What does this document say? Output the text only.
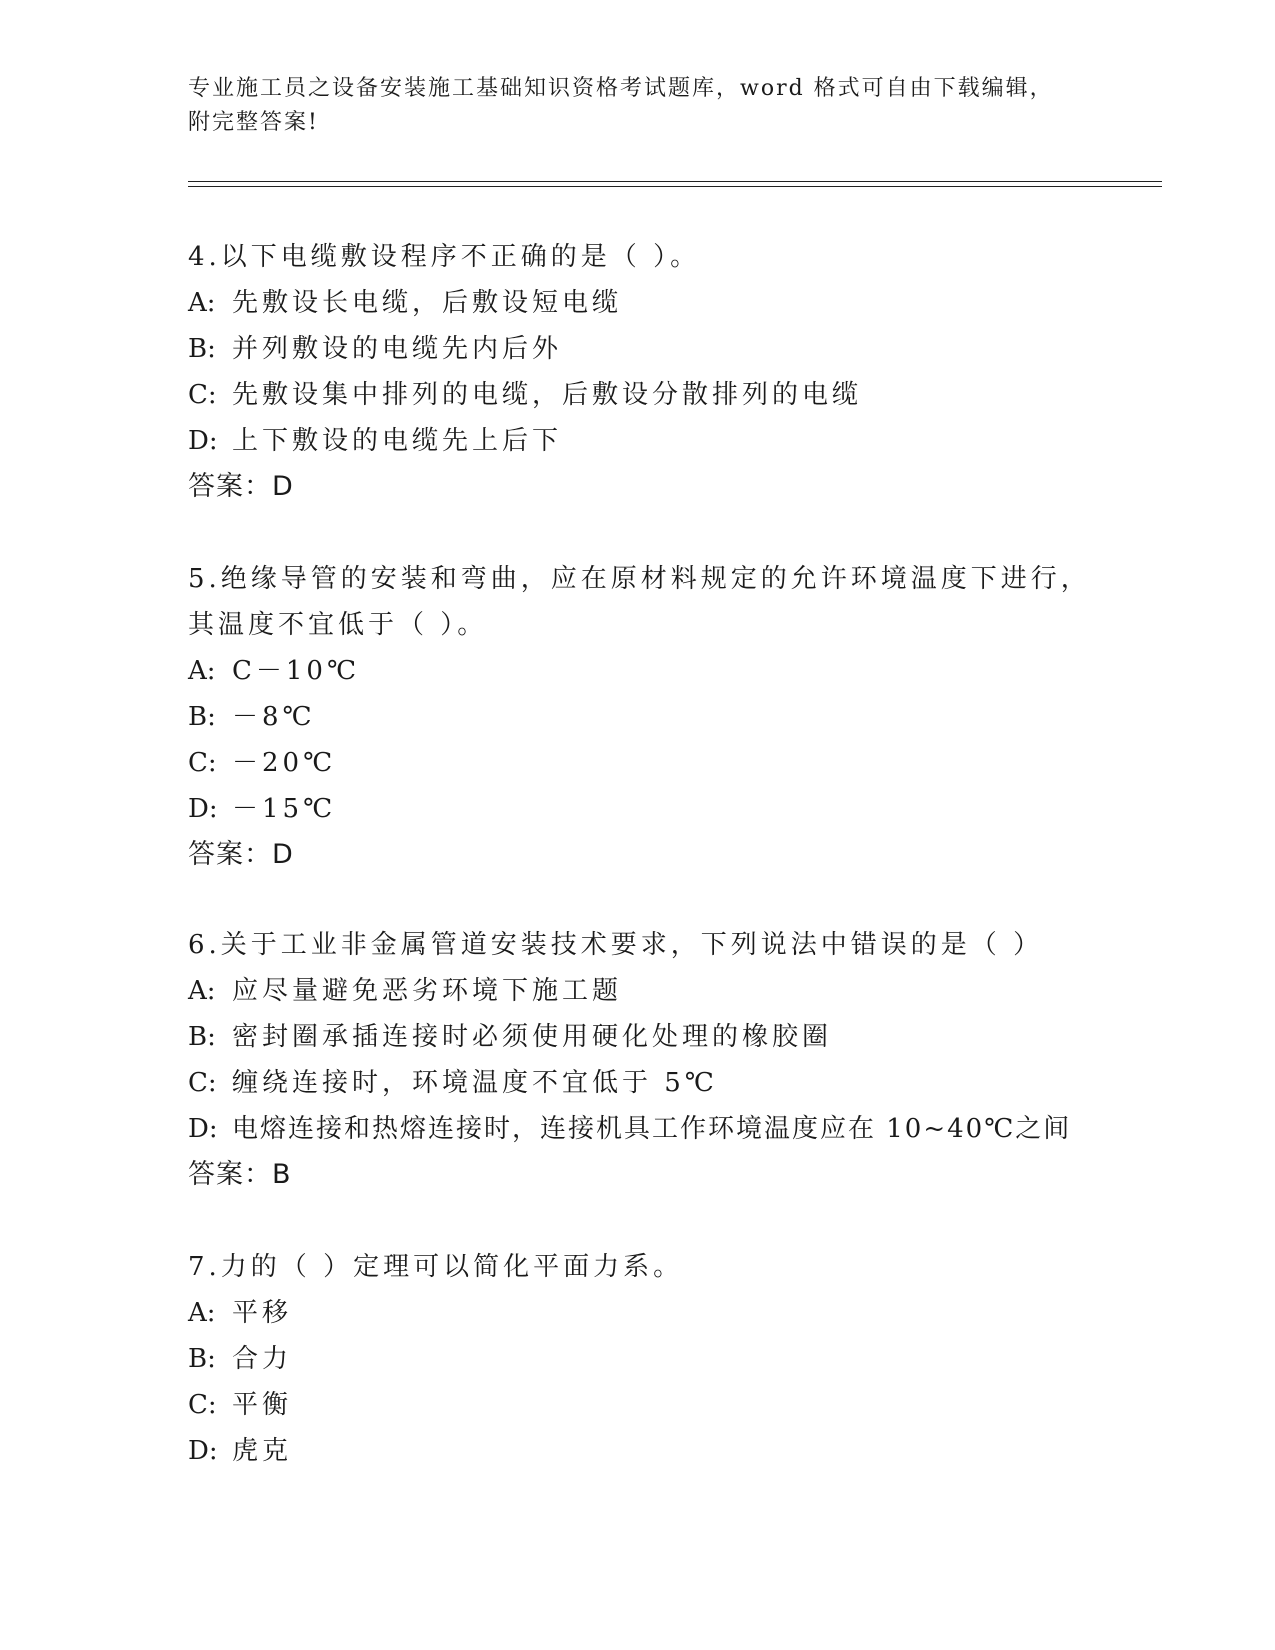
专业施工员之设备安装施工基础知识资格考试题库，word 格式可自由下载编辑，
附完整答案!
4.以下电缆敷设程序不正确的是（ ）。
A: 先敷设长电缆，后敷设短电缆
B: 并列敷设的电缆先内后外
C: 先敷设集中排列的电缆，后敷设分散排列的电缆
D: 上下敷设的电缆先上后下
答案：D
5.绝缘导管的安装和弯曲，应在原材料规定的允许环境温度下进行，
其温度不宜低于（ ）。
A: C－10℃
B: －8℃
C: －20℃
D: －15℃
答案：D
6.关于工业非金属管道安装技术要求，下列说法中错误的是（ ）
A: 应尽量避免恶劣环境下施工题
B: 密封圈承插连接时必须使用硬化处理的橡胶圈
C: 缠绕连接时，环境温度不宜低于 5℃
D: 电熔连接和热熔连接时，连接机具工作环境温度应在 10~40℃之间
答案：B
7.力的（ ）定理可以简化平面力系。
A: 平移
B: 合力
C: 平衡
D: 虎克
